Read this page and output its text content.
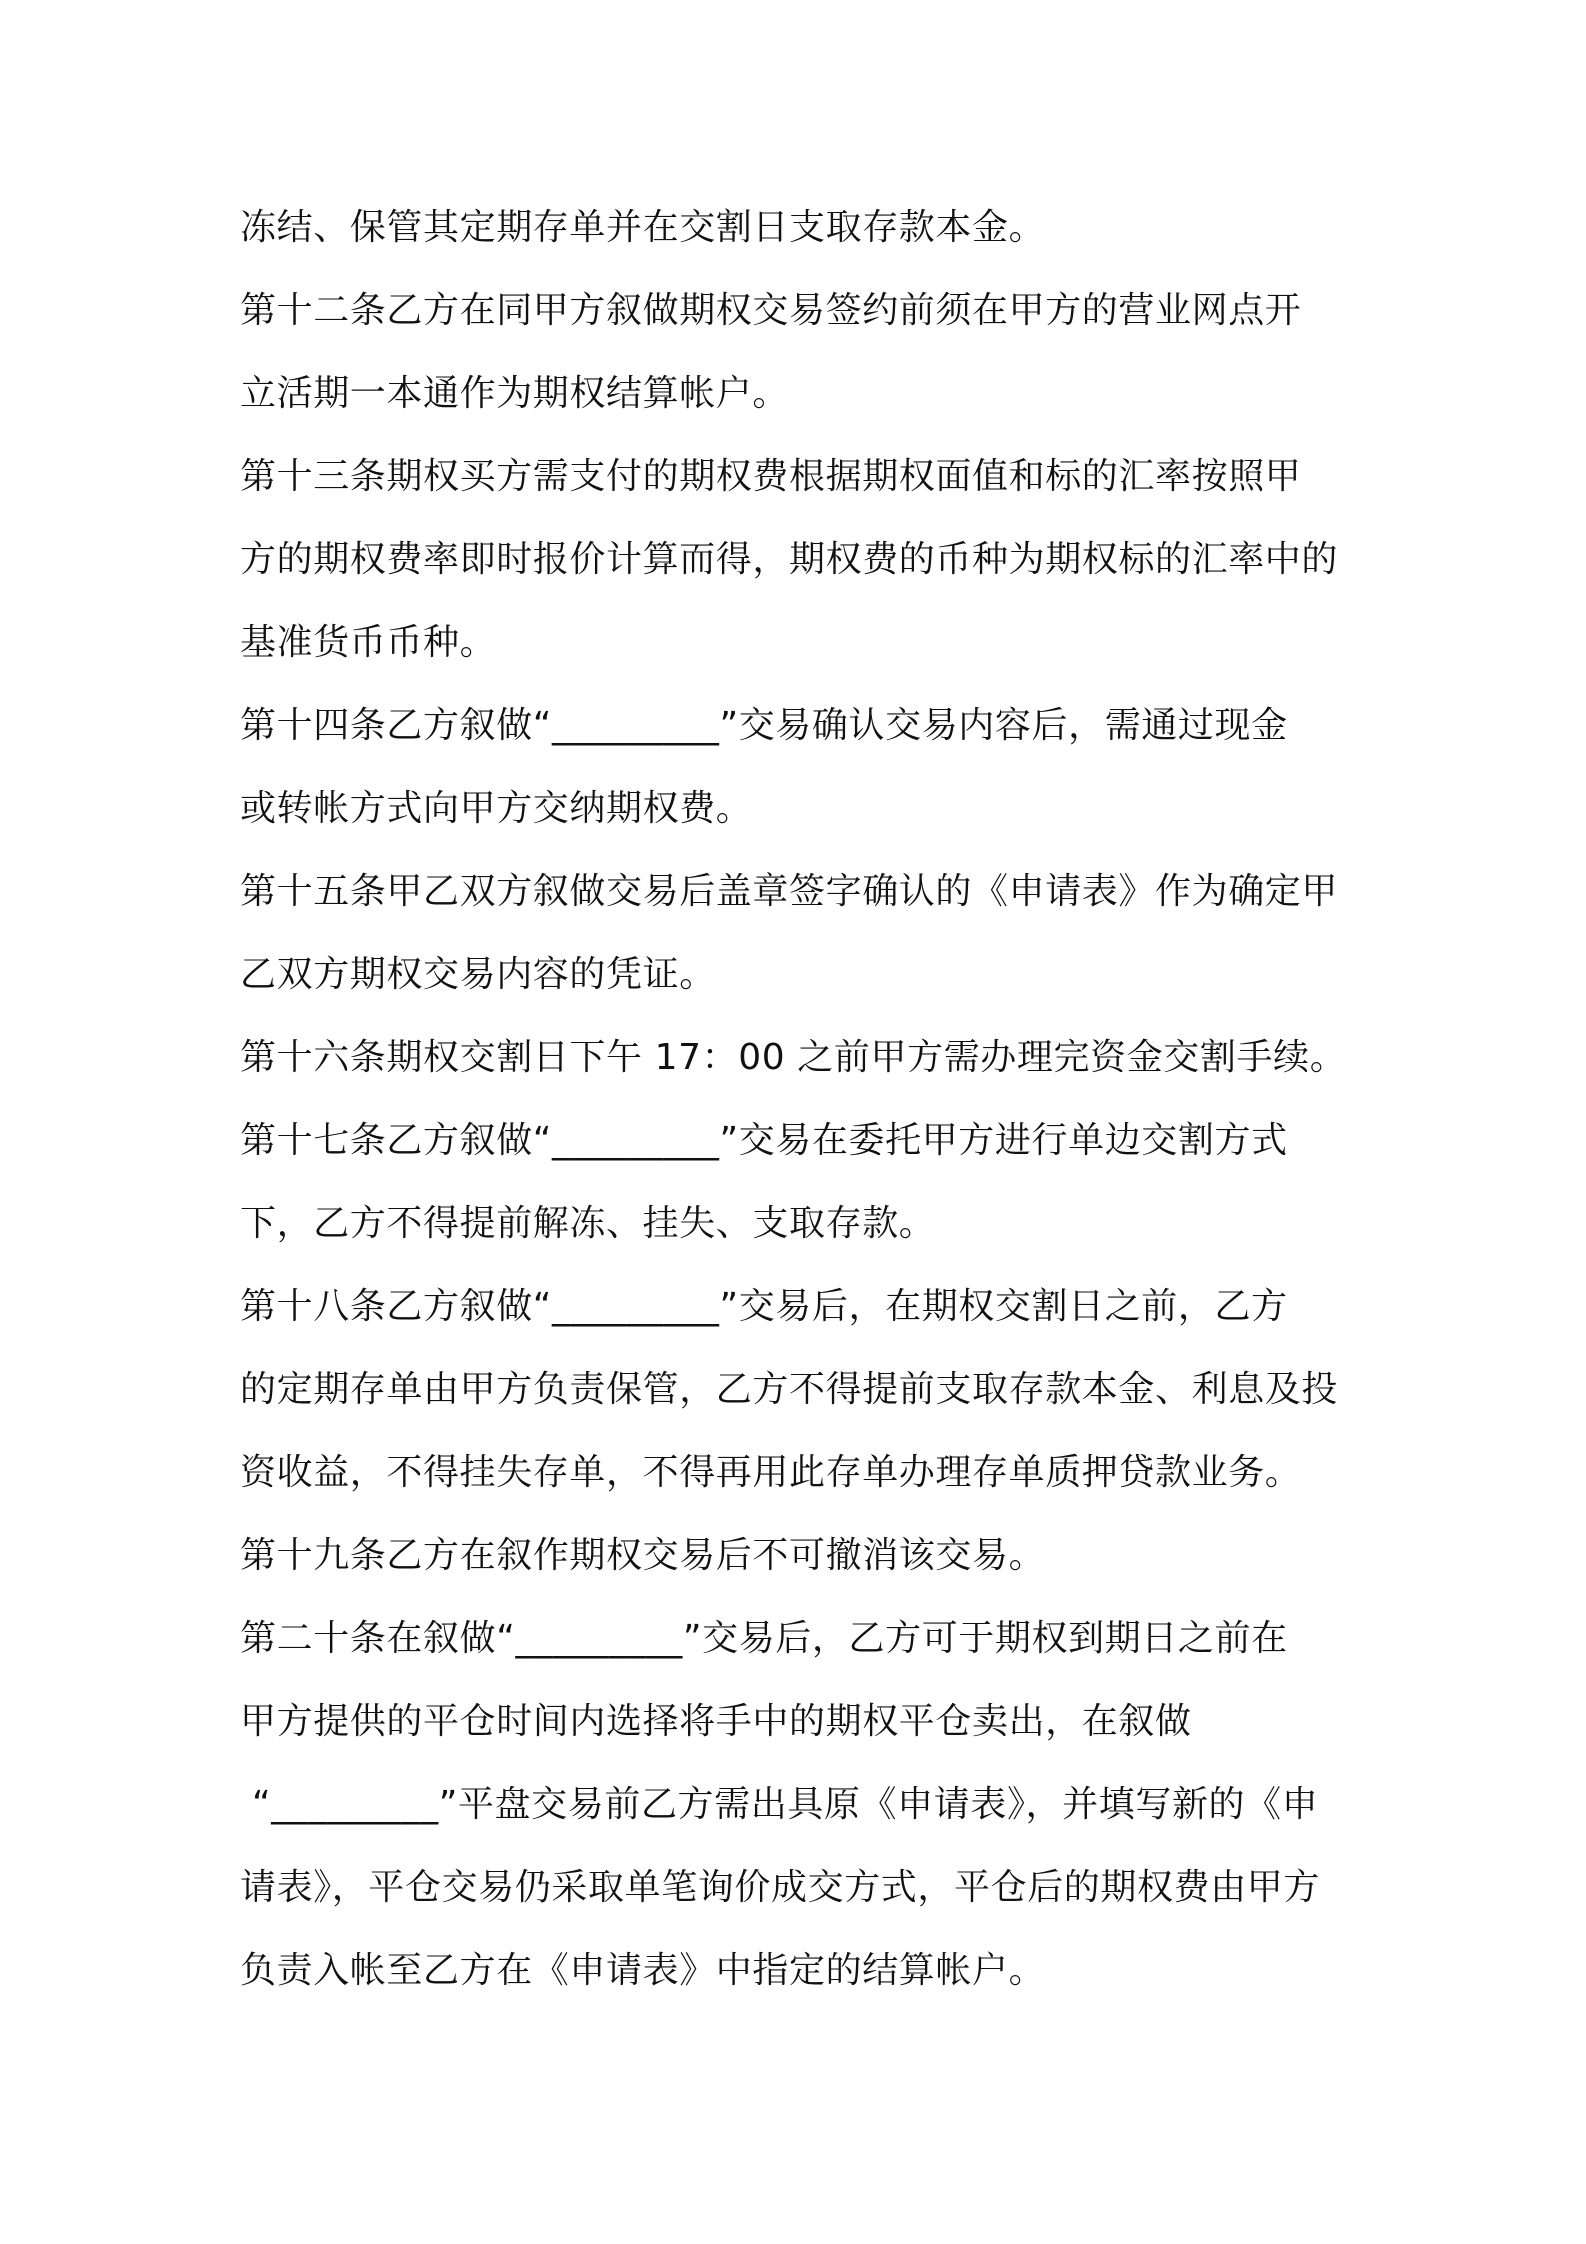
冻结、保管其定期存单并在交割日支取存款本金。
第十二条乙方在同甲方叙做期权交易签约前须在甲方的营业网点开
立活期一本通作为期权结算帐户。
第十三条期权买方需支付的期权费根据期权面值和标的汇率按照甲
方的期权费率即时报价计算而得，期权费的币种为期权标的汇率中的
基准货币币种。
第十四条乙方叙做“_________”交易确认交易内容后，需通过现金
或转帐方式向甲方交纳期权费。
第十五条甲乙双方叙做交易后盖章签字确认的《申请表》作为确定甲
乙双方期权交易内容的凭证。
第十六条期权交割日下午 17：00 之前甲方需办理完资金交割手续。
第十七条乙方叙做“_________”交易在委托甲方进行单边交割方式
下，乙方不得提前解冻、挂失、支取存款。
第十八条乙方叙做“_________”交易后，在期权交割日之前，乙方
的定期存单由甲方负责保管，乙方不得提前支取存款本金、利息及投
资收益，不得挂失存单，不得再用此存单办理存单质押贷款业务。
第十九条乙方在叙作期权交易后不可撤消该交易。
第二十条在叙做“_________”交易后，乙方可于期权到期日之前在
甲方提供的平仓时间内选择将手中的期权平仓卖出，在叙做
“_________”平盘交易前乙方需出具原《申请表》，并填写新的《申
请表》，平仓交易仍采取单笔询价成交方式，平仓后的期权费由甲方
负责入帐至乙方在《申请表》中指定的结算帐户。
